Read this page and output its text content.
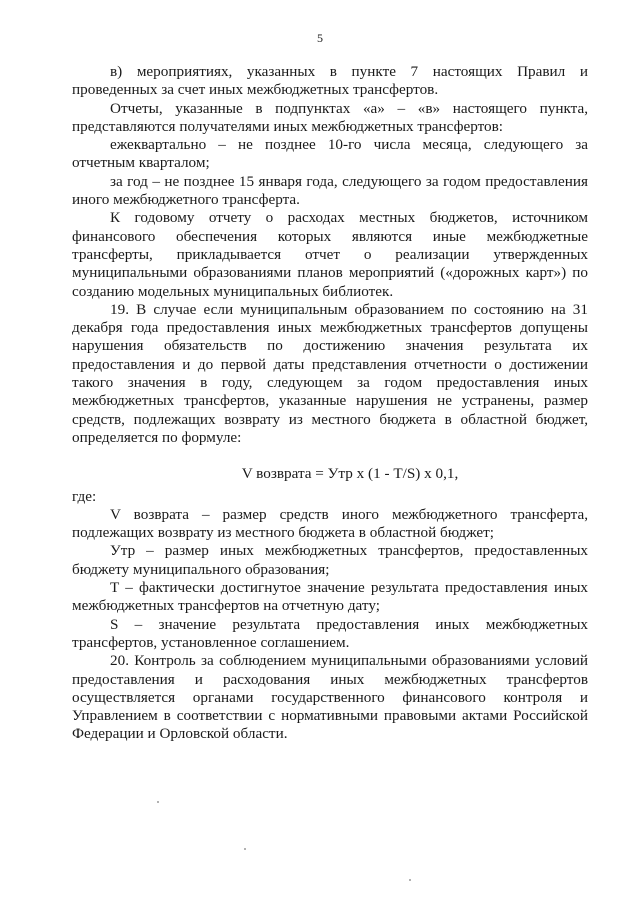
5

в) мероприятиях, указанных в пункте 7 настоящих Правил и проведенных за счет иных межбюджетных трансфертов.

Отчеты, указанные в подпунктах «а» – «в» настоящего пункта, представляются получателями иных межбюджетных трансфертов:

ежеквартально – не позднее 10-го числа месяца, следующего за отчетным кварталом;

за год – не позднее 15 января года, следующего за годом предоставления иного межбюджетного трансферта.

К годовому отчету о расходах местных бюджетов, источником финансового обеспечения которых являются иные межбюджетные трансферты, прикладывается отчет о реализации утвержденных муниципальными образованиями планов мероприятий («дорожных карт») по созданию модельных муниципальных библиотек.

19. В случае если муниципальным образованием по состоянию на 31 декабря года предоставления иных межбюджетных трансфертов допущены нарушения обязательств по достижению значения результата их предоставления и до первой даты представления отчетности о достижении такого значения в году, следующем за годом предоставления иных межбюджетных трансфертов, указанные нарушения не устранены, размер средств, подлежащих возврату из местного бюджета в областной бюджет, определяется по формуле:

V возврата = Утр х (1 - T/S) х 0,1,

где:

V возврата – размер средств иного межбюджетного трансферта, подлежащих возврату из местного бюджета в областной бюджет;

Утр – размер иных межбюджетных трансфертов, предоставленных бюджету муниципального образования;

T – фактически достигнутое значение результата предоставления иных межбюджетных трансфертов на отчетную дату;

S – значение результата предоставления иных межбюджетных трансфертов, установленное соглашением.

20. Контроль за соблюдением муниципальными образованиями условий предоставления и расходования иных межбюджетных трансфертов осуществляется органами государственного финансового контроля и Управлением в соответствии с нормативными правовыми актами Российской Федерации и Орловской области.
